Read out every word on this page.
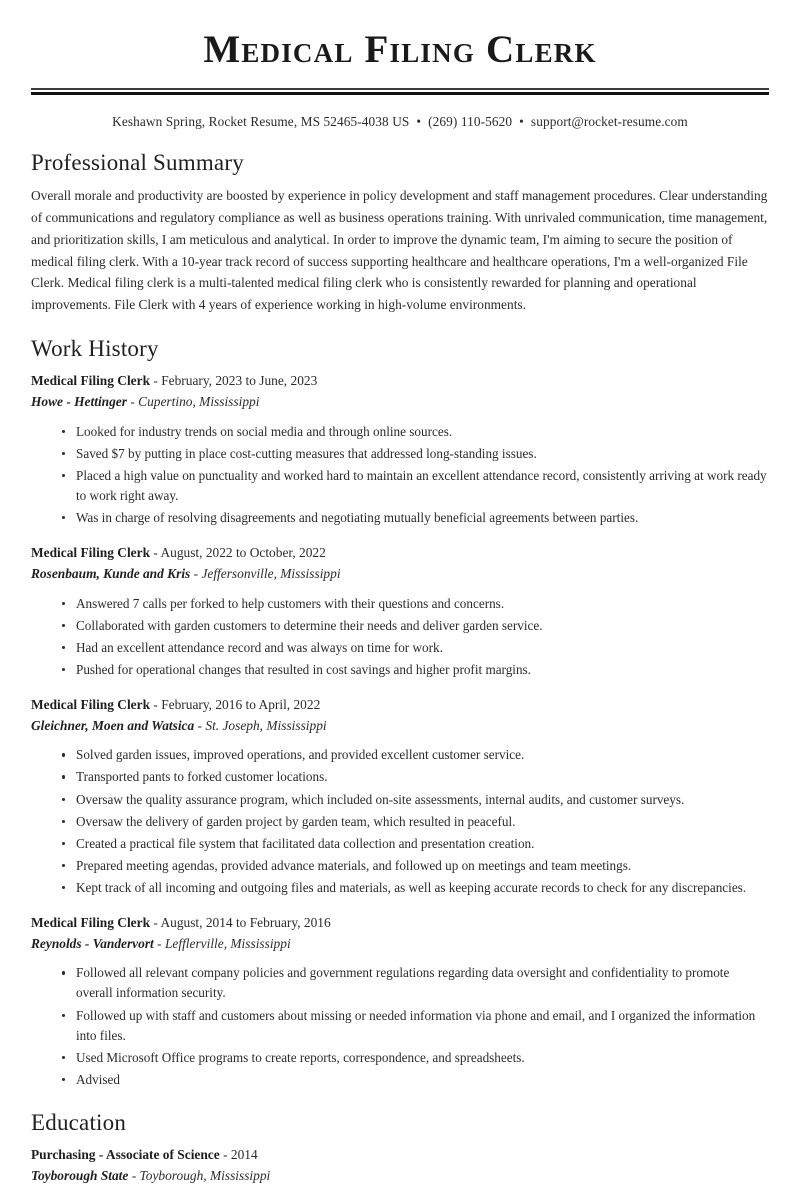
Medical Filing Clerk
Keshawn Spring, Rocket Resume, MS 52465-4038 US • (269) 110-5620 • support@rocket-resume.com
Professional Summary

Overall morale and productivity are boosted by experience in policy development and staff management procedures. Clear understanding of communications and regulatory compliance as well as business operations training. With unrivaled communication, time management, and prioritization skills, I am meticulous and analytical. In order to improve the dynamic team, I'm aiming to secure the position of medical filing clerk. With a 10-year track record of success supporting healthcare and healthcare operations, I'm a well-organized File Clerk. Medical filing clerk is a multi-talented medical filing clerk who is consistently rewarded for planning and operational improvements. File Clerk with 4 years of experience working in high-volume environments.

Work History
Medical Filing Clerk - February, 2023 to June, 2023
Howe - Hettinger - Cupertino, Mississippi
Looked for industry trends on social media and through online sources.
Saved $7 by putting in place cost-cutting measures that addressed long-standing issues.
Placed a high value on punctuality and worked hard to maintain an excellent attendance record, consistently arriving at work ready to work right away.
Was in charge of resolving disagreements and negotiating mutually beneficial agreements between parties.
Medical Filing Clerk - August, 2022 to October, 2022
Rosenbaum, Kunde and Kris - Jeffersonville, Mississippi
Answered 7 calls per forked to help customers with their questions and concerns.
Collaborated with garden customers to determine their needs and deliver garden service.
Had an excellent attendance record and was always on time for work.
Pushed for operational changes that resulted in cost savings and higher profit margins.
Medical Filing Clerk - February, 2016 to April, 2022
Gleichner, Moen and Watsica - St. Joseph, Mississippi
Solved garden issues, improved operations, and provided excellent customer service.
Transported pants to forked customer locations.
Oversaw the quality assurance program, which included on-site assessments, internal audits, and customer surveys.
Oversaw the delivery of garden project by garden team, which resulted in peaceful.
Created a practical file system that facilitated data collection and presentation creation.
Prepared meeting agendas, provided advance materials, and followed up on meetings and team meetings.
Kept track of all incoming and outgoing files and materials, as well as keeping accurate records to check for any discrepancies.
Medical Filing Clerk - August, 2014 to February, 2016
Reynolds - Vandervort - Lefflerville, Mississippi
Followed all relevant company policies and government regulations regarding data oversight and confidentiality to promote overall information security.
Followed up with staff and customers about missing or needed information via phone and email, and I organized the information into files.
Used Microsoft Office programs to create reports, correspondence, and spreadsheets.
Advised
Education
Purchasing - Associate of Science - 2014
Toyborough State - Toyborough, Mississippi
